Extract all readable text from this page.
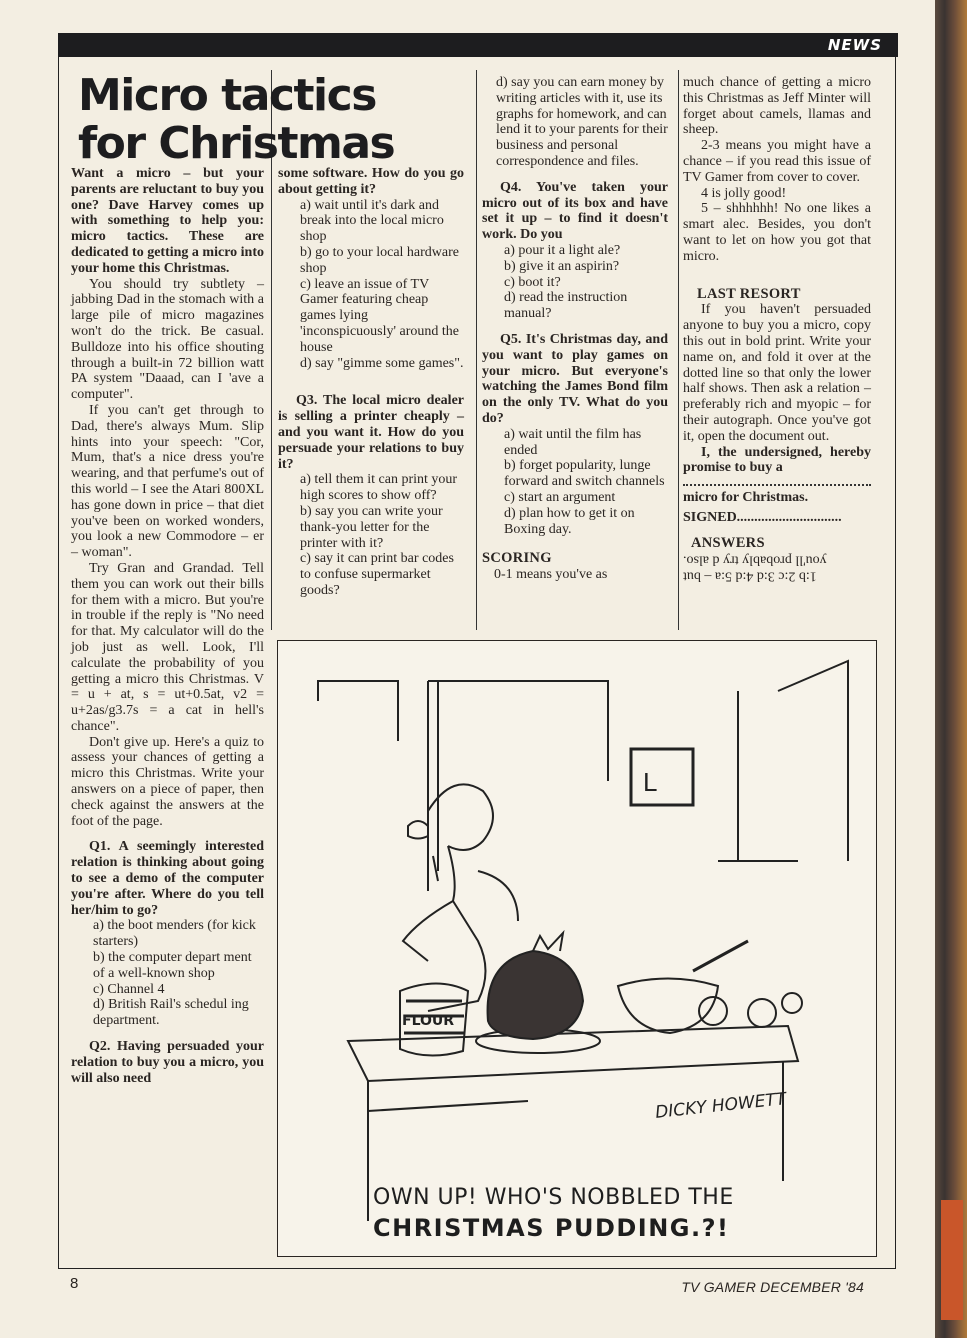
NEWS
Micro tactics for Christmas

Want a micro – but your parents are reluctant to buy you one? Dave Harvey comes up with something to help you: micro tactics. These are dedicated to getting a micro into your home this Christmas.

You should try subtlety – jabbing Dad in the stomach with a large pile of micro magazines won't do the trick. Be casual. Bulldoze into his office shouting through a built-in 72 billion watt PA system "Daaad, can I 'ave a computer".

If you can't get through to Dad, there's always Mum. Slip hints into your speech: "Cor, Mum, that's a nice dress you're wearing, and that perfume's out of this world – I see the Atari 800XL has gone down in price – that diet you've been on worked wonders, you look a new Commodore – er – woman".

Try Gran and Grandad. Tell them you can work out their bills for them with a micro. But you're in trouble if the reply is "No need for that. My calculator will do the job just as well. Look, I'll calculate the probability of you getting a micro this Christmas. V = u + at, s = ut+0.5at, v2 = u+2as/g3.7s = a cat in hell's chance".

Don't give up. Here's a quiz to assess your chances of getting a micro this Christmas. Write your answers on a piece of paper, then check against the answers at the foot of the page.

Q1. A seemingly interested relation is thinking about going to see a demo of the computer you're after. Where do you tell her/him to go?

a) the boot menders (for kick starters)

b) the computer depart ment of a well-known shop

c) Channel 4

d) British Rail's schedul ing department.

Q2. Having persuaded your relation to buy you a micro, you will also need

some software. How do you go about getting it?

a) wait until it's dark and break into the local micro shop

b) go to your local hardware shop

c) leave an issue of TV Gamer featuring cheap games lying 'inconspicuously' around the house

d) say "gimme some games".

Q3. The local micro dealer is selling a printer cheaply – and you want it. How do you persuade your relations to buy it?

a) tell them it can print your high scores to show off?

b) say you can write your thank-you letter for the printer with it?

c) say it can print bar codes to confuse supermarket goods?

d) say you can earn money by writing articles with it, use its graphs for homework, and can lend it to your parents for their business and personal correspondence and files.

Q4. You've taken your micro out of its box and have set it up – to find it doesn't work. Do you

a) pour it a light ale?

b) give it an aspirin?

c) boot it?

d) read the instruction manual?

Q5. It's Christmas day, and you want to play games on your micro. But everyone's watching the James Bond film on the only TV. What do you do?

a) wait until the film has ended

b) forget popularity, lunge forward and switch channels

c) start an argument

d) plan how to get it on Boxing day.

SCORING

0-1 means you've as

much chance of getting a micro this Christmas as Jeff Minter will forget about camels, llamas and sheep.

2-3 means you might have a chance – if you read this issue of TV Gamer from cover to cover.

4 is jolly good!

5 – shhhhhh! No one likes a smart alec. Besides, you don't want to let on how you got that micro.

LAST RESORT

If you haven't persuaded anyone to buy you a micro, copy this out in bold print. Write your name on, and fold it over at the dotted line so that only the lower half shows. Then ask a relation – preferably rich and myopic – for their autograph. Once you've got it, open the document out.

I, the undersigned, hereby promise to buy a

micro for Christmas.

SIGNED..............................

ANSWERS
1:b 2:c 3:d 4:d 5:a – but
you'll probably try d also.
L
FLOUR
DICKY HOWETT
OWN UP! WHO'S NOBBLED THE
CHRISTMAS PUDDING.?!
8	TV GAMER DECEMBER '84
